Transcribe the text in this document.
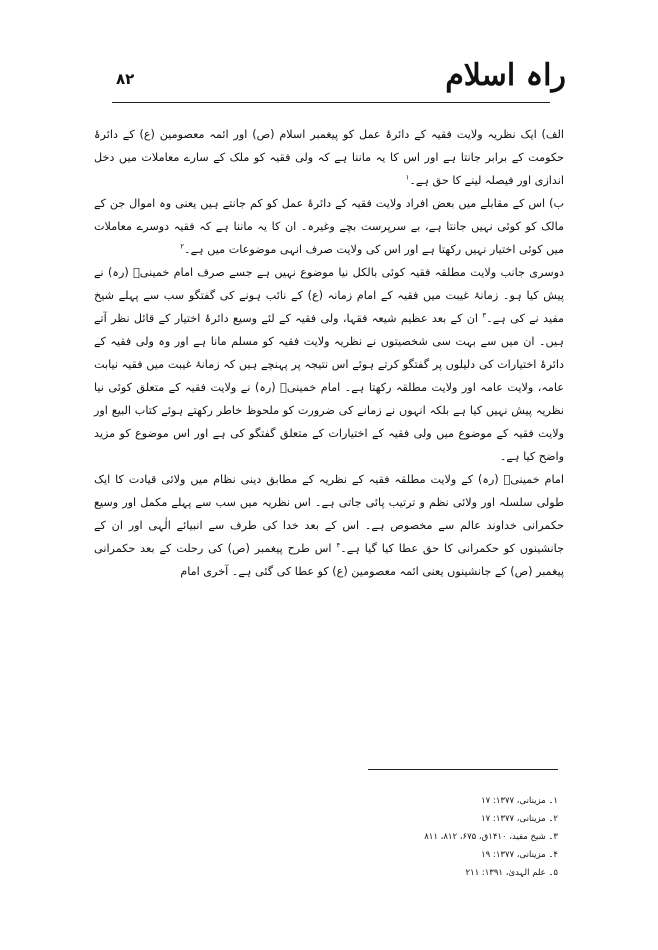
راہ اسلام
۸۲

الف) ایک نظریہ ولایت فقیہ کے دائرۂ عمل کو پیغمبر اسلام (ص) اور ائمہ معصومین (ع) کے دائرۂ حکومت کے برابر جانتا ہے اور اس کا یہ ماننا ہے کہ ولی فقیہ کو ملک کے سارے معاملات میں دخل اندازی اور فیصلہ لینے کا حق ہے۔$^۱$

ب) اس کے مقابلے میں بعض افراد ولایت فقیہ کے دائرۂ عمل کو کم جانتے ہیں یعنی وہ اموال جن کے مالک کو کوئی نہیں جانتا ہے، بے سرپرست بچے وغیرہ۔ ان کا یہ ماننا ہے کہ فقیہ دوسرے معاملات میں کوئی اختیار نہیں رکھتا ہے اور اس کی ولایت صرف انہی موضوعات میں ہے۔$^۲$

دوسری جانب ولایت مطلقہ فقیہ کوئی بالکل نیا موضوع نہیں ہے جسے صرف امام خمینیؒ (رہ) نے پیش کیا ہو۔ زمانۂ غیبت میں فقیہ کے امام زمانہ (ع) کے نائب ہونے کی گفتگو سب سے پہلے شیخ مفید نے کی ہے۔$^۳$ ان کے بعد عظیم شیعہ فقہا، ولی فقیہ کے لئے وسیع دائرۂ اختیار کے قائل نظر آتے ہیں۔ ان میں سے بہت سی شخصیتوں نے نظریہ ولایت فقیہ کو مسلم مانا ہے اور وہ ولی فقیہ کے دائرۂ اختیارات کی دلیلوں پر گفتگو کرتے ہوئے اس نتیجہ پر پہنچے ہیں کہ زمانۂ غیبت میں فقیہ نیابت عامہ، ولایت عامہ اور ولایت مطلقہ رکھتا ہے۔ امام خمینیؒ (رہ) نے ولایت فقیہ کے متعلق کوئی نیا نظریہ پیش نہیں کیا ہے بلکہ انہوں نے زمانے کی ضرورت کو ملحوظ خاطر رکھتے ہوئے کتاب البیع اور ولایت فقیہ کے موضوع میں ولی فقیہ کے اختیارات کے متعلق گفتگو کی ہے اور اس موضوع کو مزید واضح کیا ہے۔

امام خمینیؒ (رہ) کے ولایت مطلقہ فقیہ کے نظریہ کے مطابق دینی نظام میں ولائی قیادت کا ایک طولی سلسلہ اور ولائی نظم و ترتیب پائی جاتی ہے۔ اس نظریہ میں سب سے پہلے مکمل اور وسیع حکمرانی خداوند عالم سے مخصوص ہے۔ اس کے بعد خدا کی طرف سے انبیائے الٰہی اور ان کے جانشینوں کو حکمرانی کا حق عطا کیا گیا ہے۔$^۴$ اس طرح پیغمبر (ص) کی رحلت کے بعد حکمرانی پیغمبر (ص) کے جانشینوں یعنی ائمہ معصومین (ع) کو عطا کی گئی ہے۔ آخری امام

۱۔ مزینانی، ۱۳۷۷: ۱۷
۲۔ مزینانی، ۱۳۷۷: ۱۷
۳۔ شیخ مفید، ۱۴۱۰ق، ۶۷۵، ۸۱۲، ۸۱۱
۴۔ مزینانی، ۱۳۷۷: ۱۹
۵۔ علم الہدیٰ، ۱۳۹۱: ۲۱۱
